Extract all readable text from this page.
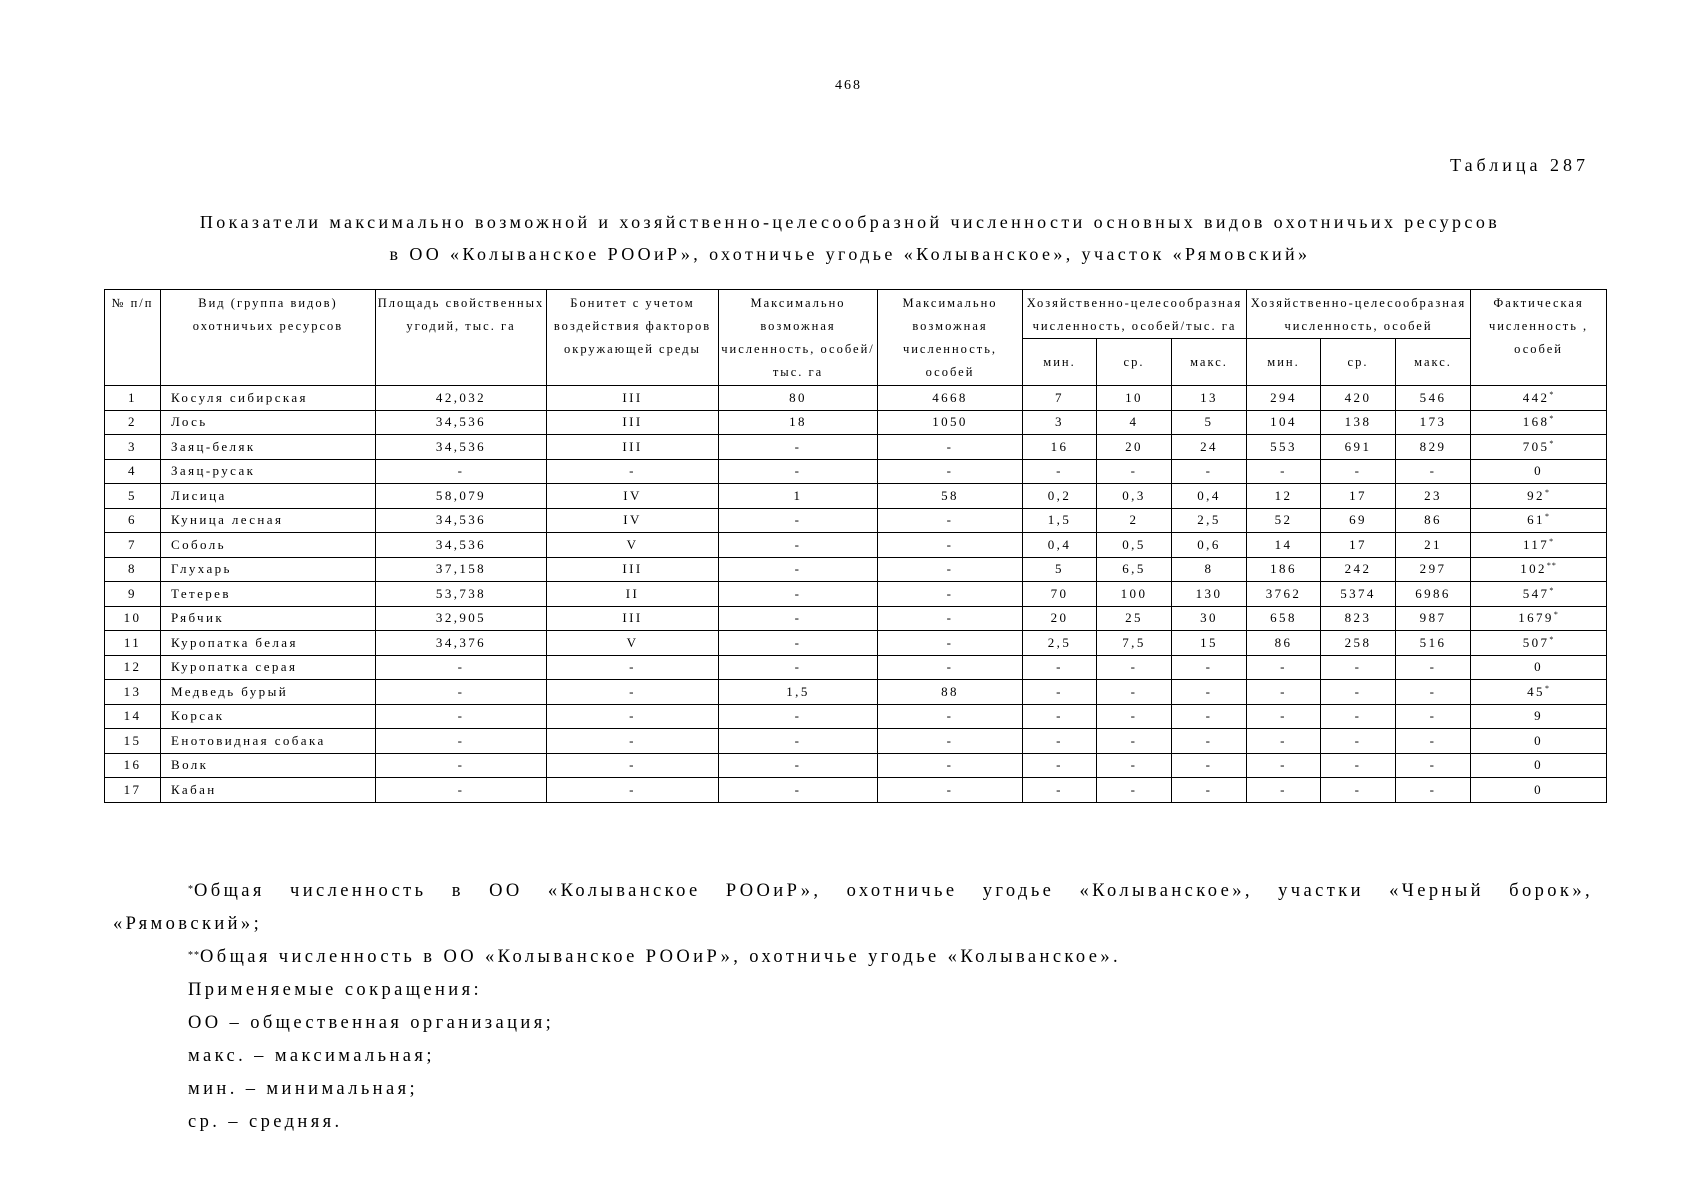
468
Таблица 287
Показатели максимально возможной и хозяйственно-целесообразной численности основных видов охотничьих ресурсов
в ОО «Колыванское РООиР», охотничье угодье «Колыванское», участок «Рямовский»
№ п/п	Вид (группа видов) охотничьих ресурсов	Площадь свойственных угодий, тыс. га	Бонитет с учетом воздействия факторов окружающей среды	Максимально возможная численность, особей/тыс. га	Максимально возможная численность, особей	Хозяйственно-целесообразная численность, особей/тыс. га			Хозяйственно-целесообразная численность, особей			Фактическая численность , особей
						мин.	ср.	макс.	мин.	ср.	макс.	
1	Косуля сибирская	42,032	III	80	4668	7	10	13	294	420	546	442*
2	Лось	34,536	III	18	1050	3	4	5	104	138	173	168*
3	Заяц-беляк	34,536	III	-	-	16	20	24	553	691	829	705*
4	Заяц-русак	-	-	-	-	-	-	-	-	-	-	0
5	Лисица	58,079	IV	1	58	0,2	0,3	0,4	12	17	23	92*
6	Куница лесная	34,536	IV	-	-	1,5	2	2,5	52	69	86	61*
7	Соболь	34,536	V	-	-	0,4	0,5	0,6	14	17	21	117*
8	Глухарь	37,158	III	-	-	5	6,5	8	186	242	297	102**
9	Тетерев	53,738	II	-	-	70	100	130	3762	5374	6986	547*
10	Рябчик	32,905	III	-	-	20	25	30	658	823	987	1679*
11	Куропатка белая	34,376	V	-	-	2,5	7,5	15	86	258	516	507*
12	Куропатка серая	-	-	-	-	-	-	-	-	-	-	0
13	Медведь бурый	-	-	1,5	88	-	-	-	-	-	-	45*
14	Корсак	-	-	-	-	-	-	-	-	-	-	9
15	Енотовидная собака	-	-	-	-	-	-	-	-	-	-	0
16	Волк	-	-	-	-	-	-	-	-	-	-	0
17	Кабан	-	-	-	-	-	-	-	-	-	-	0

*Общая численность в ОО «Колыванское РООиР», охотничье угодье «Колыванское», участки «Черный борок», «Рямовский»;

**Общая численность в ОО «Колыванское РООиР», охотничье угодье «Колыванское».

Применяемые сокращения:

ОО – общественная организация;

макс. – максимальная;

мин. – минимальная;

ср. – средняя.
